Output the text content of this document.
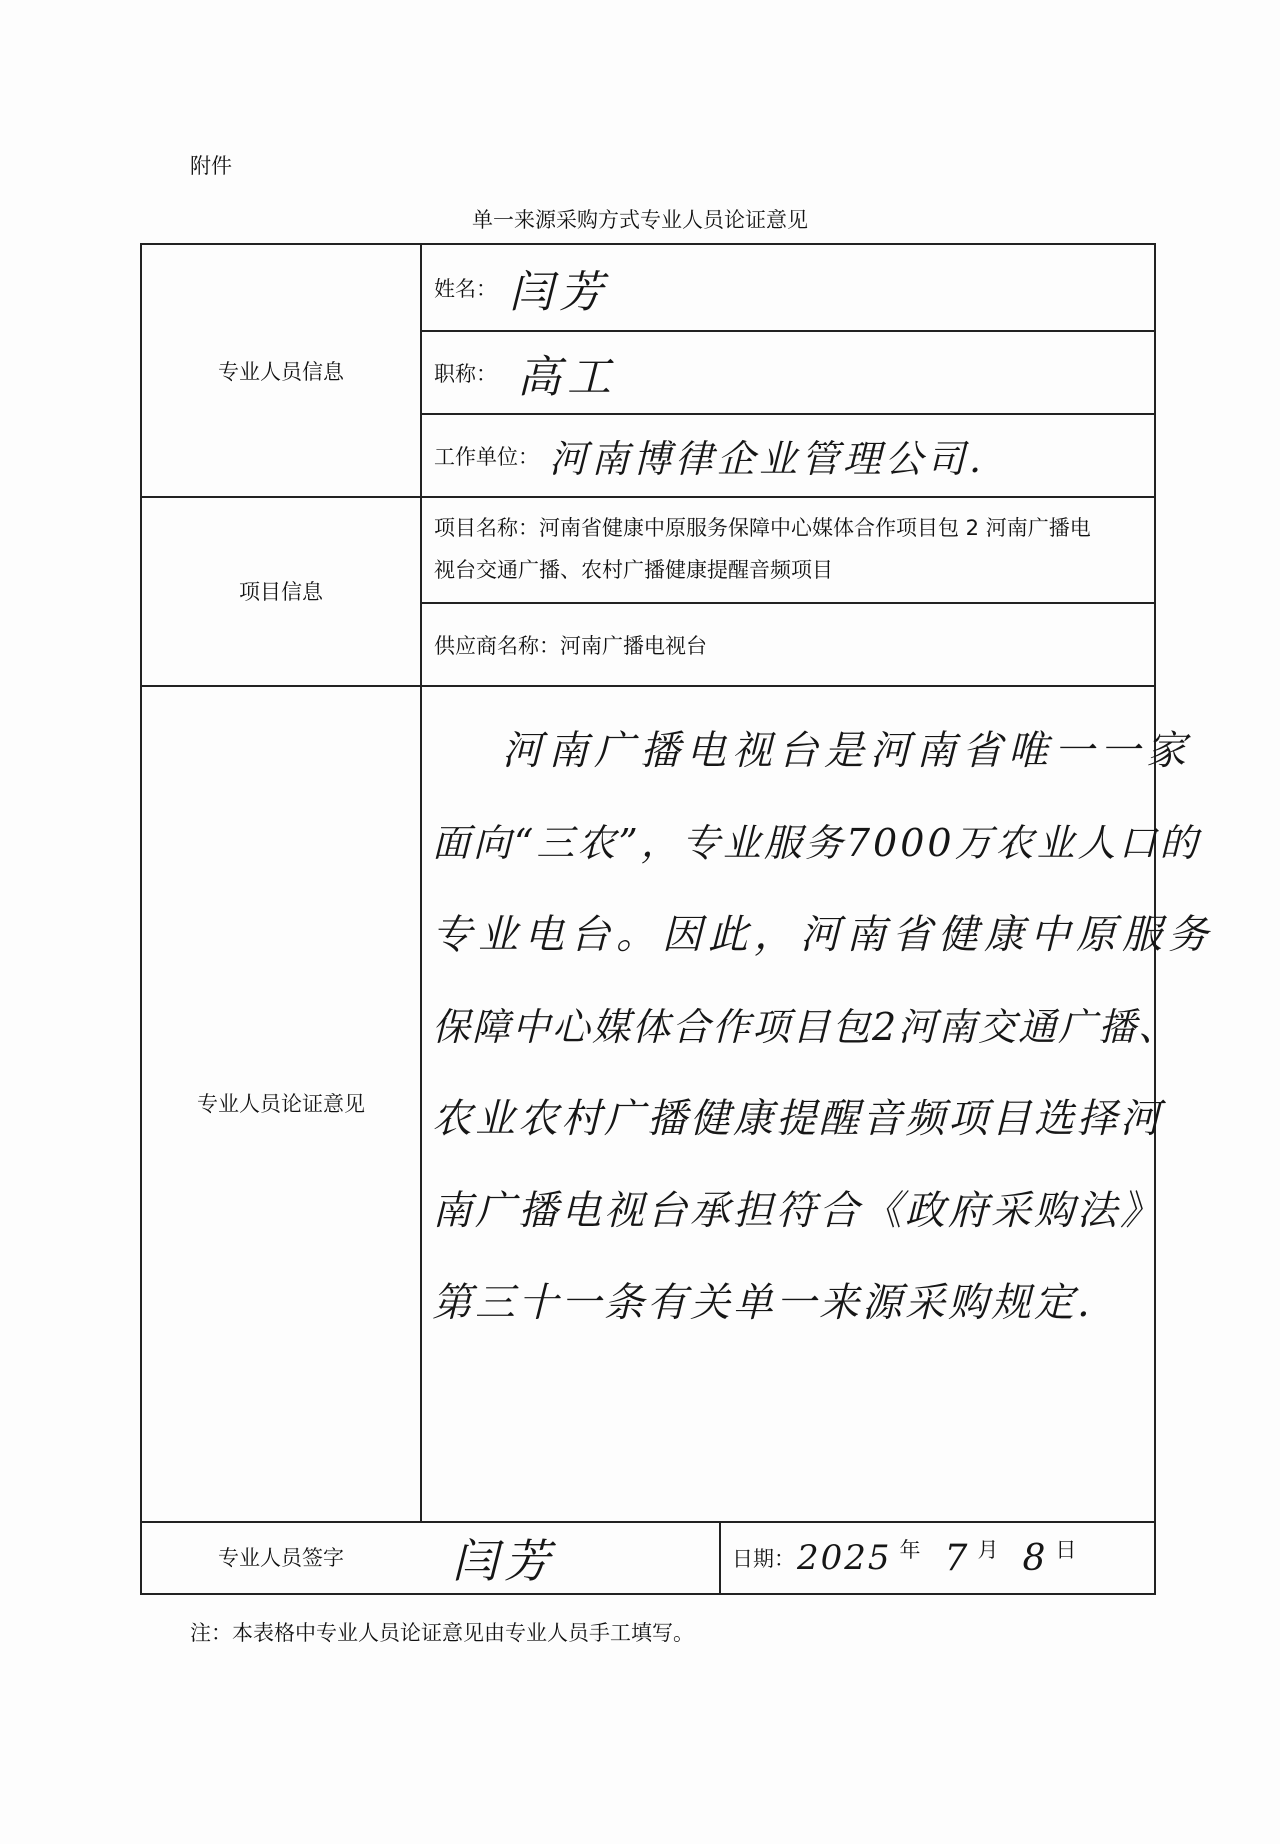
附件
单一来源采购方式专业人员论证意见
专业人员信息
项目信息
专业人员论证意见
专业人员签字
姓名： 闫芳
职称： 高工
工作单位： 河南博律企业管理公司.
项目名称：河南省健康中原服务保障中心媒体合作项目包 2 河南广播电
视台交通广播、农村广播健康提醒音频项目
供应商名称： 河南广播电视台
河南广播电视台是河南省唯一一家
面向“三农”，专业服务7000万农业人口的
专业电台。因此，河南省健康中原服务
保障中心媒体合作项目包2河南交通广播、
农业农村广播健康提醒音频项目选择河
南广播电视台承担符合《政府采购法》
第三十一条有关单一来源采购规定.
闫芳	日期： 2025 年 7 月 8 日
注：本表格中专业人员论证意见由专业人员手工填写。
